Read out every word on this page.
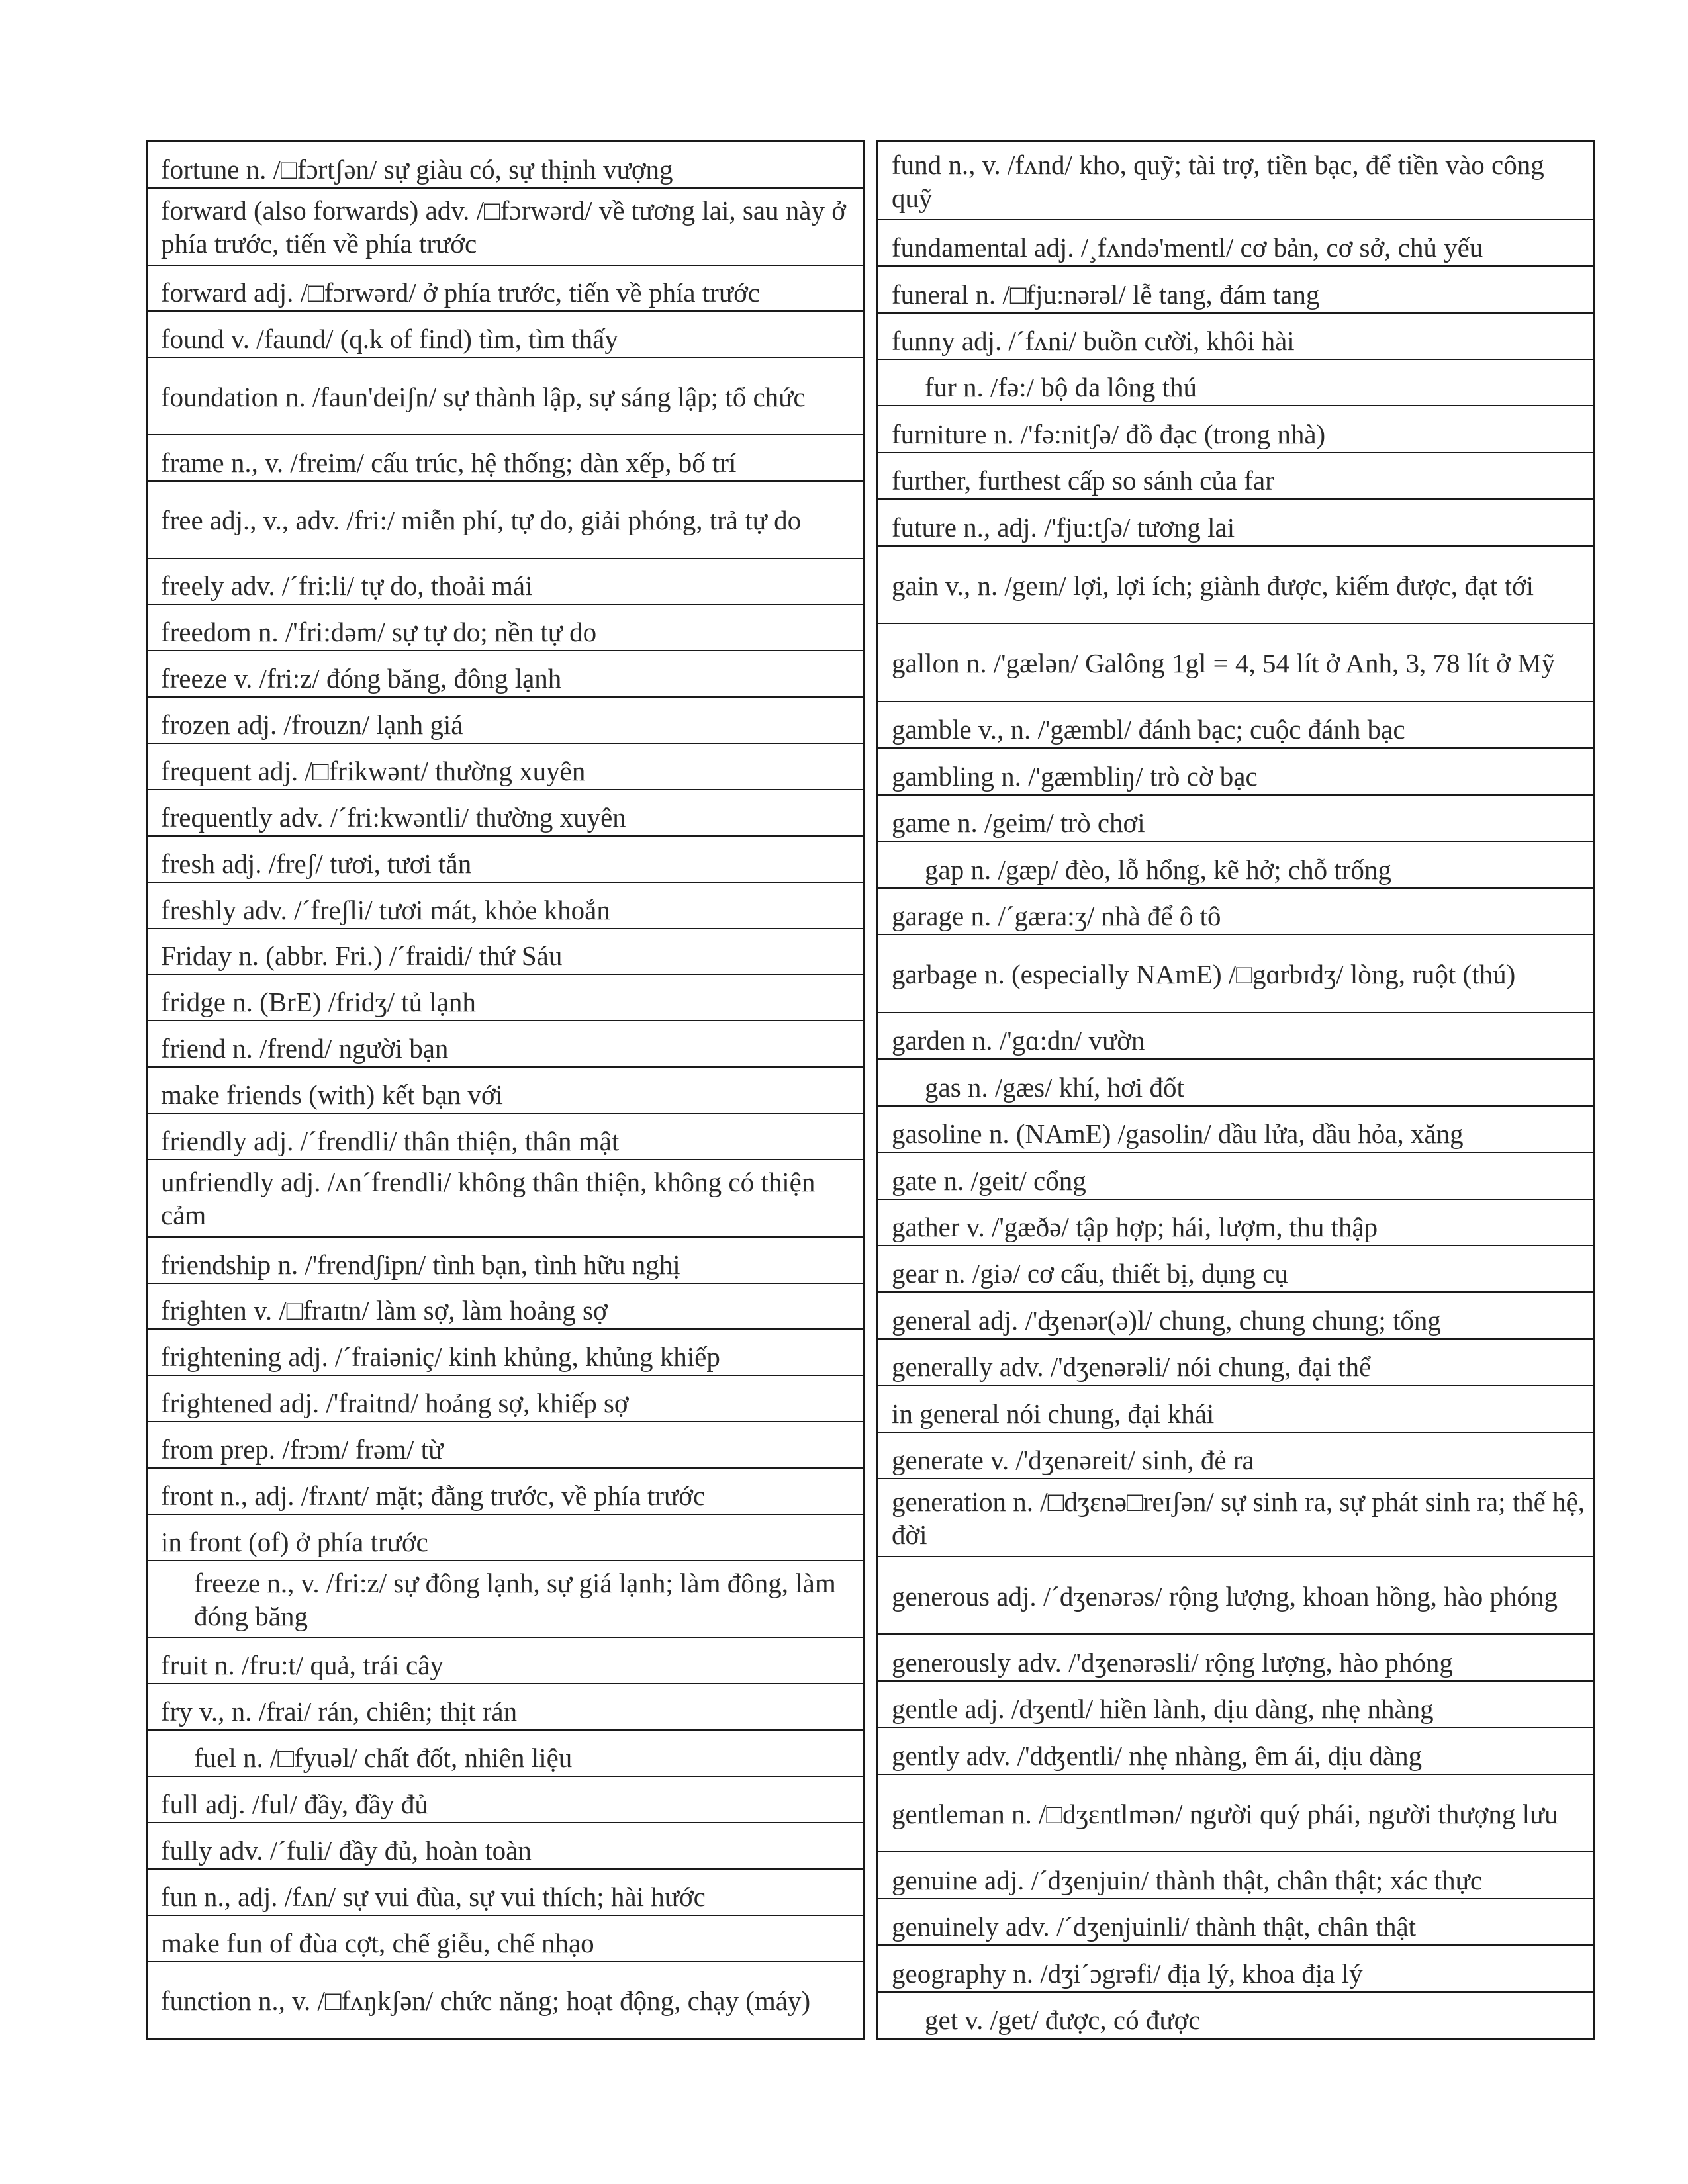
fortune n. /□fɔrtʃən/ sự giàu có, sự thịnh vượng
forward (also forwards) adv. /□fɔrwərd/ về tương lai, sau này ở phía trước, tiến về phía trước
forward adj. /□fɔrwərd/ ở phía trước, tiến về phía trước
found v. /faund/ (q.k of find) tìm, tìm thấy
foundation n. /faun'deiʃn/ sự thành lập, sự sáng lập; tổ chức
frame n., v. /freim/ cấu trúc, hệ thống; dàn xếp, bố trí
free adj., v., adv. /fri:/ miễn phí, tự do, giải phóng, trả tự do
freely adv. /´fri:li/ tự do, thoải mái
freedom n. /'fri:dəm/ sự tự do; nền tự do
freeze v. /fri:z/ đóng băng, đông lạnh
frozen adj. /frouzn/ lạnh giá
frequent adj. /□frikwənt/ thường xuyên
frequently adv. /´fri:kwəntli/ thường xuyên
fresh adj. /freʃ/ tươi, tươi tắn
freshly adv. /´freʃli/ tươi mát, khỏe khoắn
Friday n. (abbr. Fri.) /´fraidi/ thứ Sáu
fridge n. (BrE) /fridʒ/ tủ lạnh
friend n. /frend/ người bạn
make friends (with) kết bạn với
friendly adj. /´frendli/ thân thiện, thân mật
unfriendly adj. /ʌn´frendli/ không thân thiện, không có thiện cảm
friendship n. /'frendʃipn/ tình bạn, tình hữu nghị
frighten v. /□fraɪtn/ làm sợ, làm hoảng sợ
frightening adj. /´fraiəniç/ kinh khủng, khủng khiếp
frightened adj. /'fraitnd/ hoảng sợ, khiếp sợ
from prep. /frɔm/ frəm/ từ
front n., adj. /frʌnt/ mặt; đằng trước, về phía trước
in front (of) ở phía trước
freeze n., v. /fri:z/ sự đông lạnh, sự giá lạnh; làm đông, làm đóng băng
fruit n. /fru:t/ quả, trái cây
fry v., n. /frai/ rán, chiên; thịt rán
fuel n. /□fyuəl/ chất đốt, nhiên liệu
full adj. /ful/ đầy, đầy đủ
fully adv. /´fuli/ đầy đủ, hoàn toàn
fun n., adj. /fʌn/ sự vui đùa, sự vui thích; hài hước
make fun of đùa cợt, chế giễu, chế nhạo
function n., v. /□fʌŋkʃən/ chức năng; hoạt động, chạy (máy)
fund n., v. /fʌnd/ kho, quỹ; tài trợ, tiền bạc, để tiền vào công quỹ
fundamental adj. /¸fʌndə'mentl/ cơ bản, cơ sở, chủ yếu
funeral n. /□fju:nərəl/ lễ tang, đám tang
funny adj. /´fʌni/ buồn cười, khôi hài
fur n. /fə:/ bộ da lông thú
furniture n. /'fə:nitʃə/ đồ đạc (trong nhà)
further, furthest cấp so sánh của far
future n., adj. /'fju:tʃə/ tương lai
gain v., n. /geɪn/ lợi, lợi ích; giành được, kiếm được, đạt tới
gallon n. /'gælən/ Galông 1gl = 4, 54 lít ở Anh, 3, 78 lít ở Mỹ
gamble v., n. /'gæmbl/ đánh bạc; cuộc đánh bạc
gambling n. /'gæmbliŋ/ trò cờ bạc
game n. /geim/ trò chơi
gap n. /gæp/ đèo, lỗ hổng, kẽ hở; chỗ trống
garage n. /´gæra:ʒ/ nhà để ô tô
garbage n. (especially NAmE) /□gɑrbɪdʒ/ lòng, ruột (thú)
garden n. /'gɑ:dn/ vườn
gas n. /gæs/ khí, hơi đốt
gasoline n. (NAmE) /gasolin/ dầu lửa, dầu hỏa, xăng
gate n. /geit/ cổng
gather v. /'gæðə/ tập hợp; hái, lượm, thu thập
gear n. /giə/ cơ cấu, thiết bị, dụng cụ
general adj. /'ʤenər(ə)l/ chung, chung chung; tổng
generally adv. /'dʒenərəli/ nói chung, đại thể
in general nói chung, đại khái
generate v. /'dʒenəreit/ sinh, đẻ ra
generation n. /□dʒɛnə□reɪʃən/ sự sinh ra, sự phát sinh ra; thế hệ, đời
generous adj. /´dʒenərəs/ rộng lượng, khoan hồng, hào phóng
generously adv. /'dʒenərəsli/ rộng lượng, hào phóng
gentle adj. /dʒentl/ hiền lành, dịu dàng, nhẹ nhàng
gently adv. /'dʤentli/ nhẹ nhàng, êm ái, dịu dàng
gentleman n. /□dʒɛntlmən/ người quý phái, người thượng lưu
genuine adj. /´dʒenjuin/ thành thật, chân thật; xác thực
genuinely adv. /´dʒenjuinli/ thành thật, chân thật
geography n. /dʒi´ɔgrəfi/ địa lý, khoa địa lý
get v. /get/ được, có được
